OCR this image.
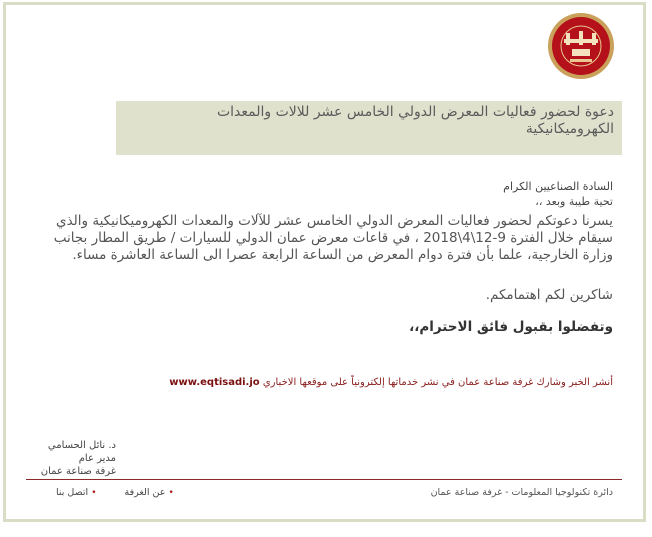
دعوة لحضور فعاليات المعرض الدولي الخامس عشر للالات والمعدات الكهروميكانيكية
السادة الصناعيين الكرام
تحية طيبة وبعد ،،
يسرنا دعوتكم لحضور فعاليات المعرض الدولي الخامس عشر للآلات والمعدات الكهروميكانيكية والذي سيقام خلال الفترة 9-12\4\2018 ، في قاعات معرض عمان الدولي للسيارات / طريق المطار بجانب وزارة الخارجية، علما بأن فترة دوام المعرض من الساعة الرابعة عصرا الى الساعة العاشرة مساء.
شاكرين لكم اهتمامكم.
وتفضلوا بقبول فائق الاحترام،،
أنشر الخبر وشارك غرفة صناعة عمان في نشر خدماتها إلكترونياً على موقعها الاخباري www.eqtisadi.jo
د. نائل الحسامي
مدير عام
غرفة صناعة عمان
• عن الغرفة• اتصل بنا	دائرة تكنولوجيا المعلومات - غرفة صناعة عمان
